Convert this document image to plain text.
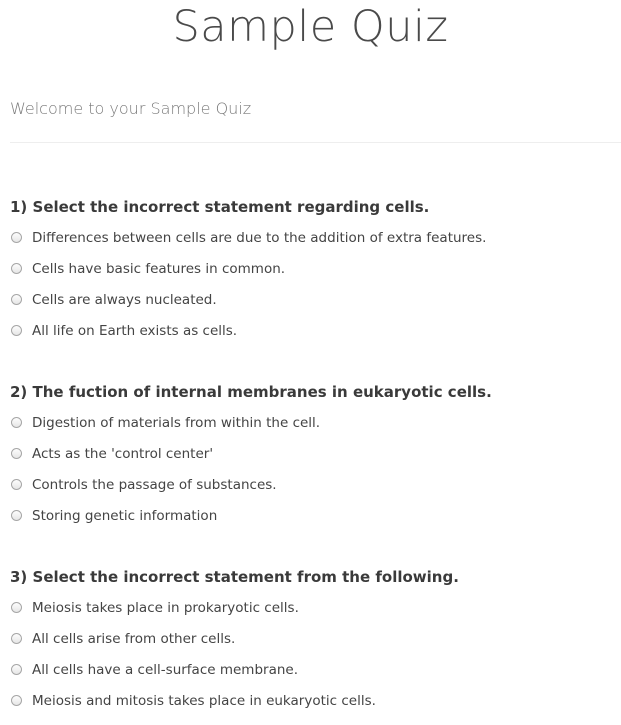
Sample Quiz
Welcome to your Sample Quiz
1) Select the incorrect statement regarding cells.
Differences between cells are due to the addition of extra features.
Cells have basic features in common.
Cells are always nucleated.
All life on Earth exists as cells.
2) The fuction of internal membranes in eukaryotic cells.
Digestion of materials from within the cell.
Acts as the 'control center'
Controls the passage of substances.
Storing genetic information
3) Select the incorrect statement from the following.
Meiosis takes place in prokaryotic cells.
All cells arise from other cells.
All cells have a cell-surface membrane.
Meiosis and mitosis takes place in eukaryotic cells.
